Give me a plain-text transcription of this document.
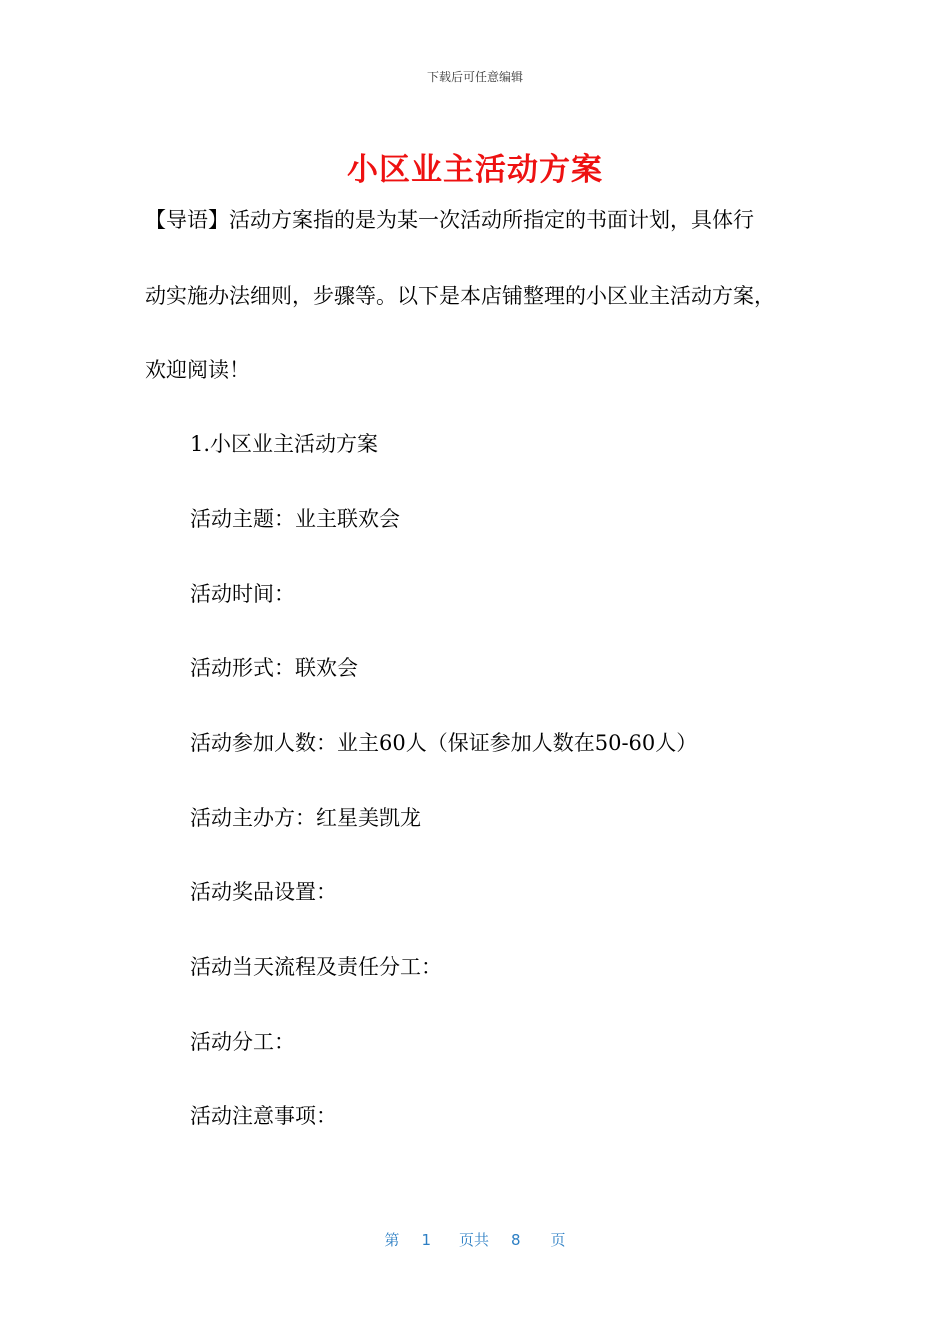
下载后可任意编辑
小区业主活动方案
【导语】活动方案指的是为某一次活动所指定的书面计划，具体行
动实施办法细则，步骤等。以下是本店铺整理的小区业主活动方案，
欢迎阅读！
1.小区业主活动方案
活动主题：业主联欢会
活动时间：
活动形式：联欢会
活动参加人数：业主60人（保证参加人数在50-60人）
活动主办方：红星美凯龙
活动奖品设置：
活动当天流程及责任分工：
活动分工：
活动注意事项：
第 1 页共 8 页
